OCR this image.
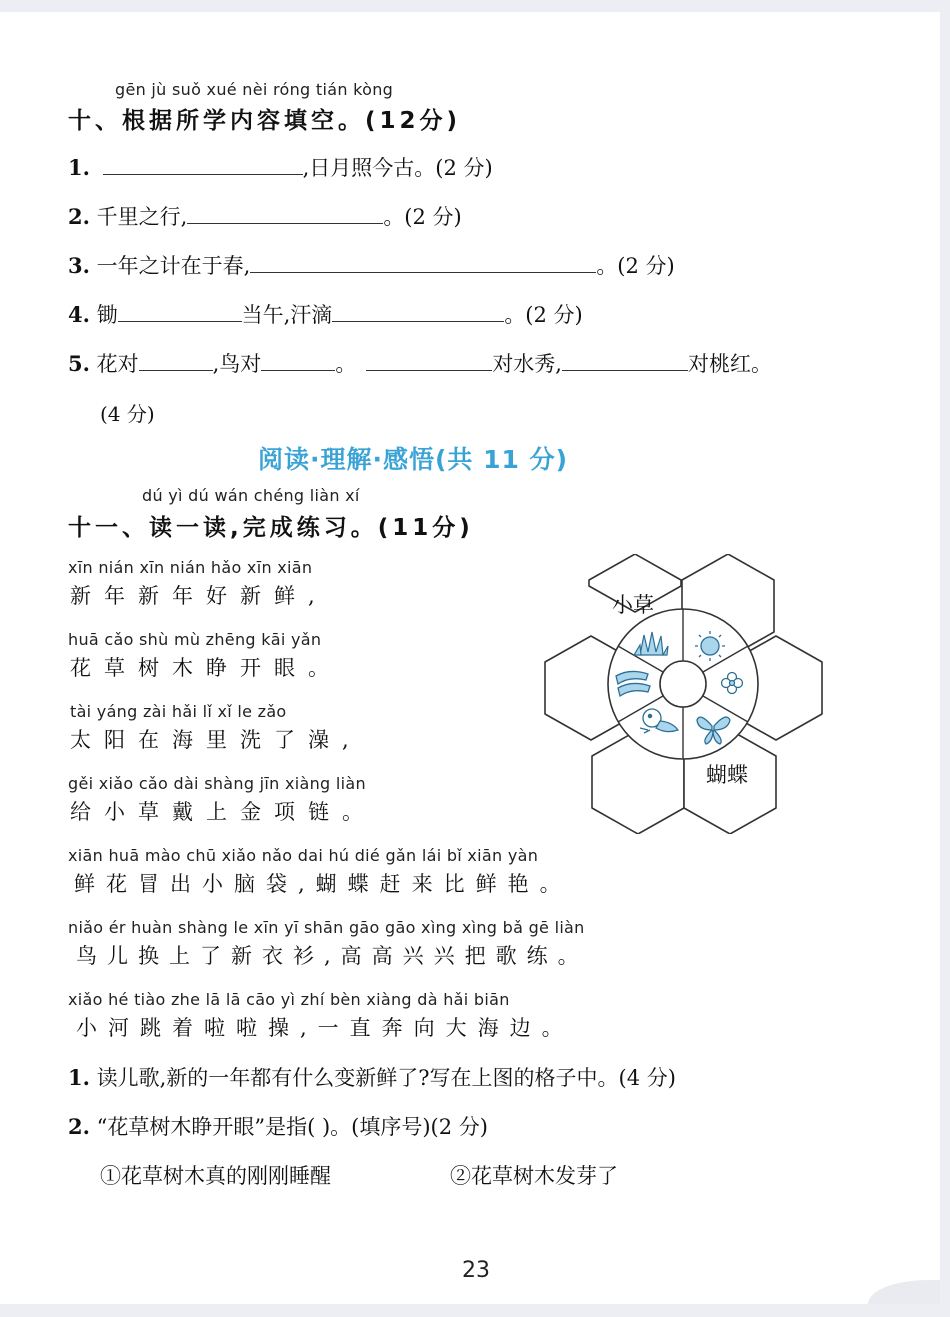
gēn jù suǒ xué nèi róng tián kòng
十、根据所学内容填空。(12分)
1.	,日月照今古。(2 分)
2. 千里之行,	。(2 分)
3. 一年之计在于春,	。(2 分)
4. 锄	当午,汗滴	。(2 分)
5. 花对	,鸟对	。	对水秀,	对桃红。
(4 分)
阅读·理解·感悟(共 11 分)
dú yì dú wán chéng liàn xí
十一、读一读,完成练习。(11分)
xīn nián xīn nián hǎo xīn xiān
新年新年好新鲜,
huā cǎo shù mù zhēng kāi yǎn
花草树木睁开眼。
tài yáng zài hǎi lǐ xǐ le zǎo
太阳在海里洗了澡,
gěi xiǎo cǎo dài shàng jīn xiàng liàn
给小草戴上金项链。
xiān huā mào chū xiǎo nǎo dai hú dié gǎn lái bǐ xiān yàn
鲜花冒出小脑袋,蝴蝶赶来比鲜艳。
niǎo ér huàn shàng le xīn yī shān gāo gāo xìng xìng bǎ gē liàn
鸟儿换上了新衣衫,高高兴兴把歌练。
xiǎo hé tiào zhe lā lā cāo yì zhí bèn xiàng dà hǎi biān
小河跳着啦啦操,一直奔向大海边。
小草
蝴蝶
1. 读儿歌,新的一年都有什么变新鲜了?写在上图的格子中。(4 分)
2. “花草树木睁开眼”是指( )。(填序号)(2 分)
①花草树木真的刚刚睡醒	②花草树木发芽了
23
